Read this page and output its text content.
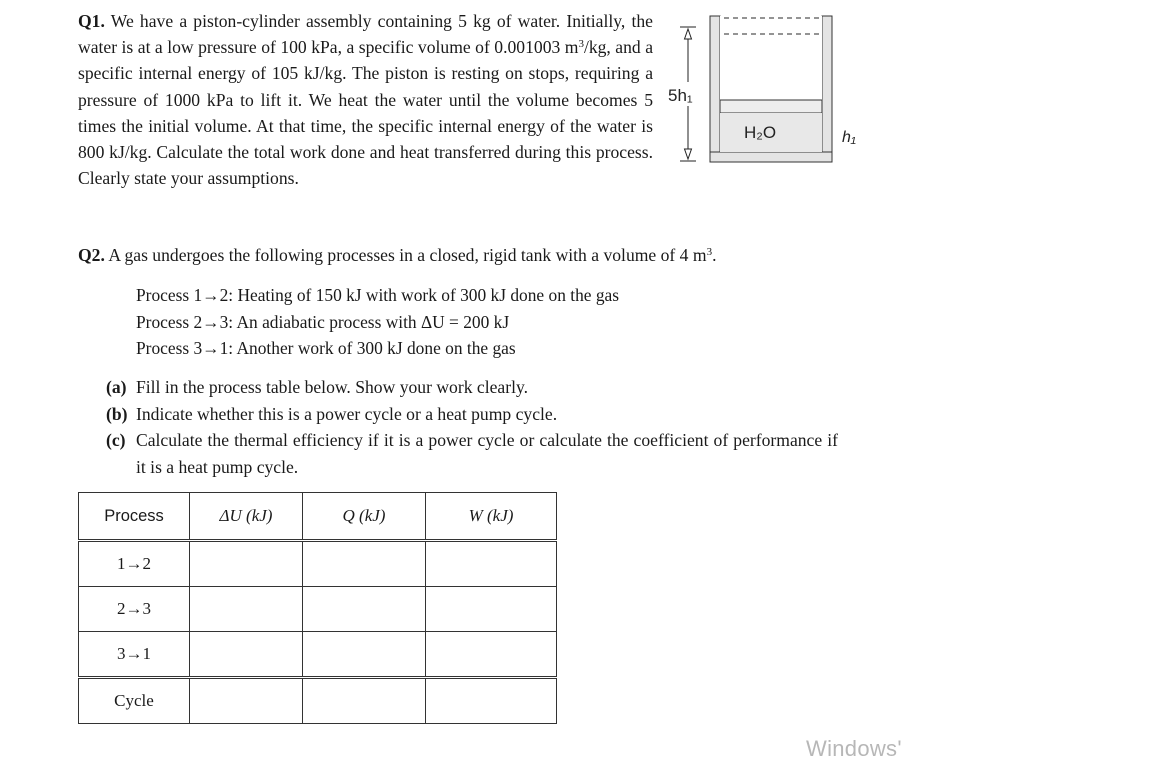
Q1. We have a piston-cylinder assembly containing 5 kg of water. Initially, the water is at a low pressure of 100 kPa, a specific volume of 0.001003 $m^3/kg$, and a specific internal energy of 105 kJ/kg. The piston is resting on stops, requiring a pressure of 1000 kPa to lift it. We heat the water until the volume becomes 5 times the initial volume. At that time, the specific internal energy of the water is 800 kJ/kg. Calculate the total work done and heat transferred during this process. Clearly state your assumptions.
5h₁
H₂O	h₁
Q2. A gas undergoes the following processes in a closed, rigid tank with a volume of 4 $m^3$.
Process 1→2: Heating of 150 kJ with work of 300 kJ done on the gas
Process 2→3: An adiabatic process with ΔU = 200 kJ
Process 3→1: Another work of 300 kJ done on the gas
(a) Fill in the process table below. Show your work clearly.
(b) Indicate whether this is a power cycle or a heat pump cycle.
(c) Calculate the thermal efficiency if it is a power cycle or calculate the coefficient of performance if it is a heat pump cycle.
Process	ΔU (kJ)	Q (kJ)	W (kJ)
1→2			
2→3			
3→1			
Cycle			
Windows'
